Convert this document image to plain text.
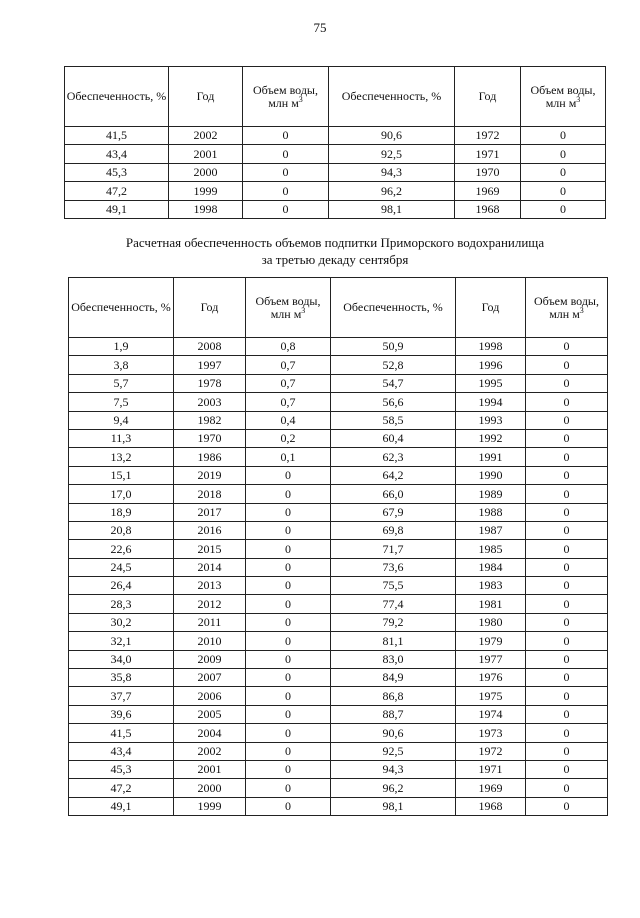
75
Обеспеченность, %	Год	Объем воды, млн $м^3$	Обеспеченность, %	Год	Объем воды, млн $м^3$
41,5	2002	0	90,6	1972	0
43,4	2001	0	92,5	1971	0
45,3	2000	0	94,3	1970	0
47,2	1999	0	96,2	1969	0
49,1	1998	0	98,1	1968	0
Расчетная обеспеченность объемов подпитки Приморского водохранилища
за третью декаду сентября
Обеспеченность, %	Год	Объем воды, млн $м^3$	Обеспеченность, %	Год	Объем воды, млн $м^3$
1,9	2008	0,8	50,9	1998	0
3,8	1997	0,7	52,8	1996	0
5,7	1978	0,7	54,7	1995	0
7,5	2003	0,7	56,6	1994	0
9,4	1982	0,4	58,5	1993	0
11,3	1970	0,2	60,4	1992	0
13,2	1986	0,1	62,3	1991	0
15,1	2019	0	64,2	1990	0
17,0	2018	0	66,0	1989	0
18,9	2017	0	67,9	1988	0
20,8	2016	0	69,8	1987	0
22,6	2015	0	71,7	1985	0
24,5	2014	0	73,6	1984	0
26,4	2013	0	75,5	1983	0
28,3	2012	0	77,4	1981	0
30,2	2011	0	79,2	1980	0
32,1	2010	0	81,1	1979	0
34,0	2009	0	83,0	1977	0
35,8	2007	0	84,9	1976	0
37,7	2006	0	86,8	1975	0
39,6	2005	0	88,7	1974	0
41,5	2004	0	90,6	1973	0
43,4	2002	0	92,5	1972	0
45,3	2001	0	94,3	1971	0
47,2	2000	0	96,2	1969	0
49,1	1999	0	98,1	1968	0
